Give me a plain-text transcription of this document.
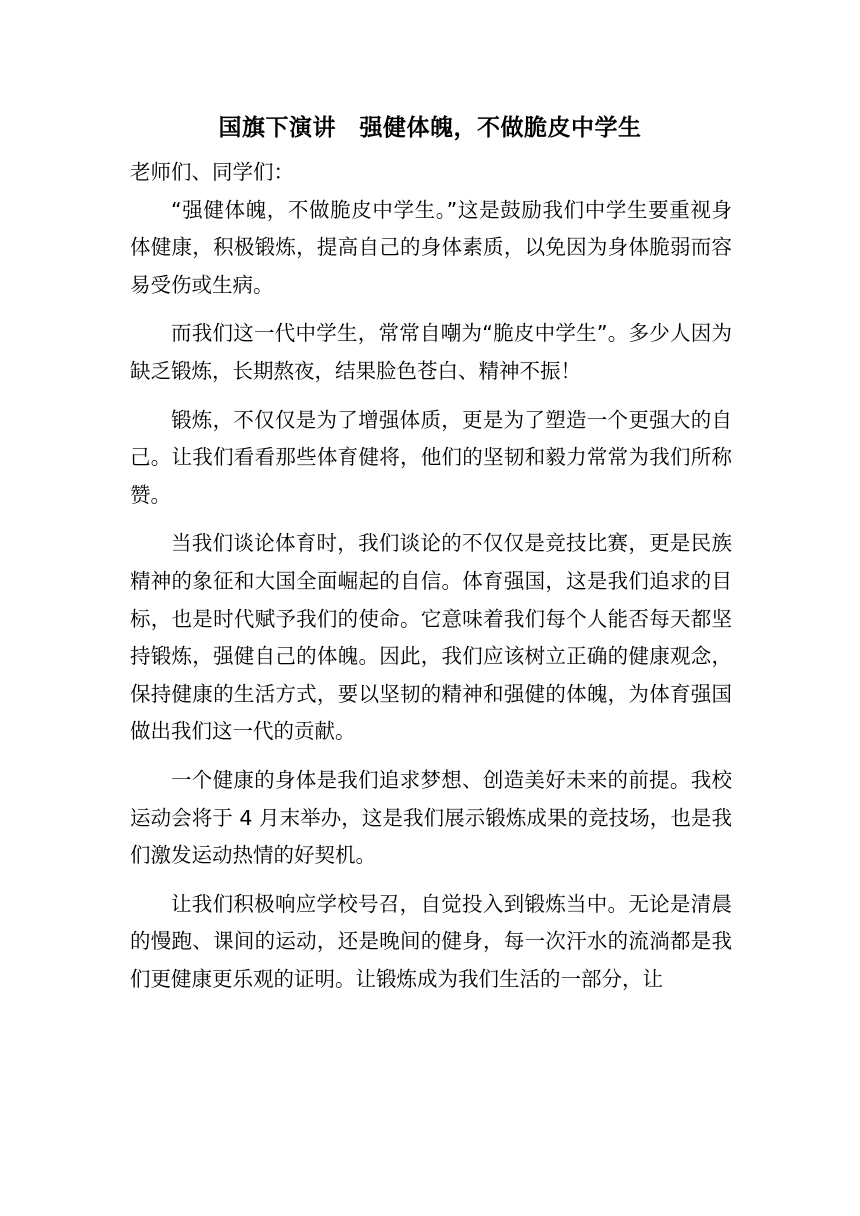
国旗下演讲　强健体魄，不做脆皮中学生

老师们、同学们：

“强健体魄，不做脆皮中学生。”这是鼓励我们中学生要重视身体健康，积极锻炼，提高自己的身体素质，以免因为身体脆弱而容易受伤或生病。

而我们这一代中学生，常常自嘲为“脆皮中学生”。多少人因为缺乏锻炼，长期熬夜，结果脸色苍白、精神不振！

锻炼，不仅仅是为了增强体质，更是为了塑造一个更强大的自己。让我们看看那些体育健将，他们的坚韧和毅力常常为我们所称赞。

当我们谈论体育时，我们谈论的不仅仅是竞技比赛，更是民族精神的象征和大国全面崛起的自信。体育强国，这是我们追求的目标，也是时代赋予我们的使命。它意味着我们每个人能否每天都坚持锻炼，强健自己的体魄。因此，我们应该树立正确的健康观念，保持健康的生活方式，要以坚韧的精神和强健的体魄，为体育强国做出我们这一代的贡献。

一个健康的身体是我们追求梦想、创造美好未来的前提。我校运动会将于 4 月末举办，这是我们展示锻炼成果的竞技场，也是我们激发运动热情的好契机。

让我们积极响应学校号召，自觉投入到锻炼当中。无论是清晨的慢跑、课间的运动，还是晚间的健身，每一次汗水的流淌都是我们更健康更乐观的证明。让锻炼成为我们生活的一部分，让
